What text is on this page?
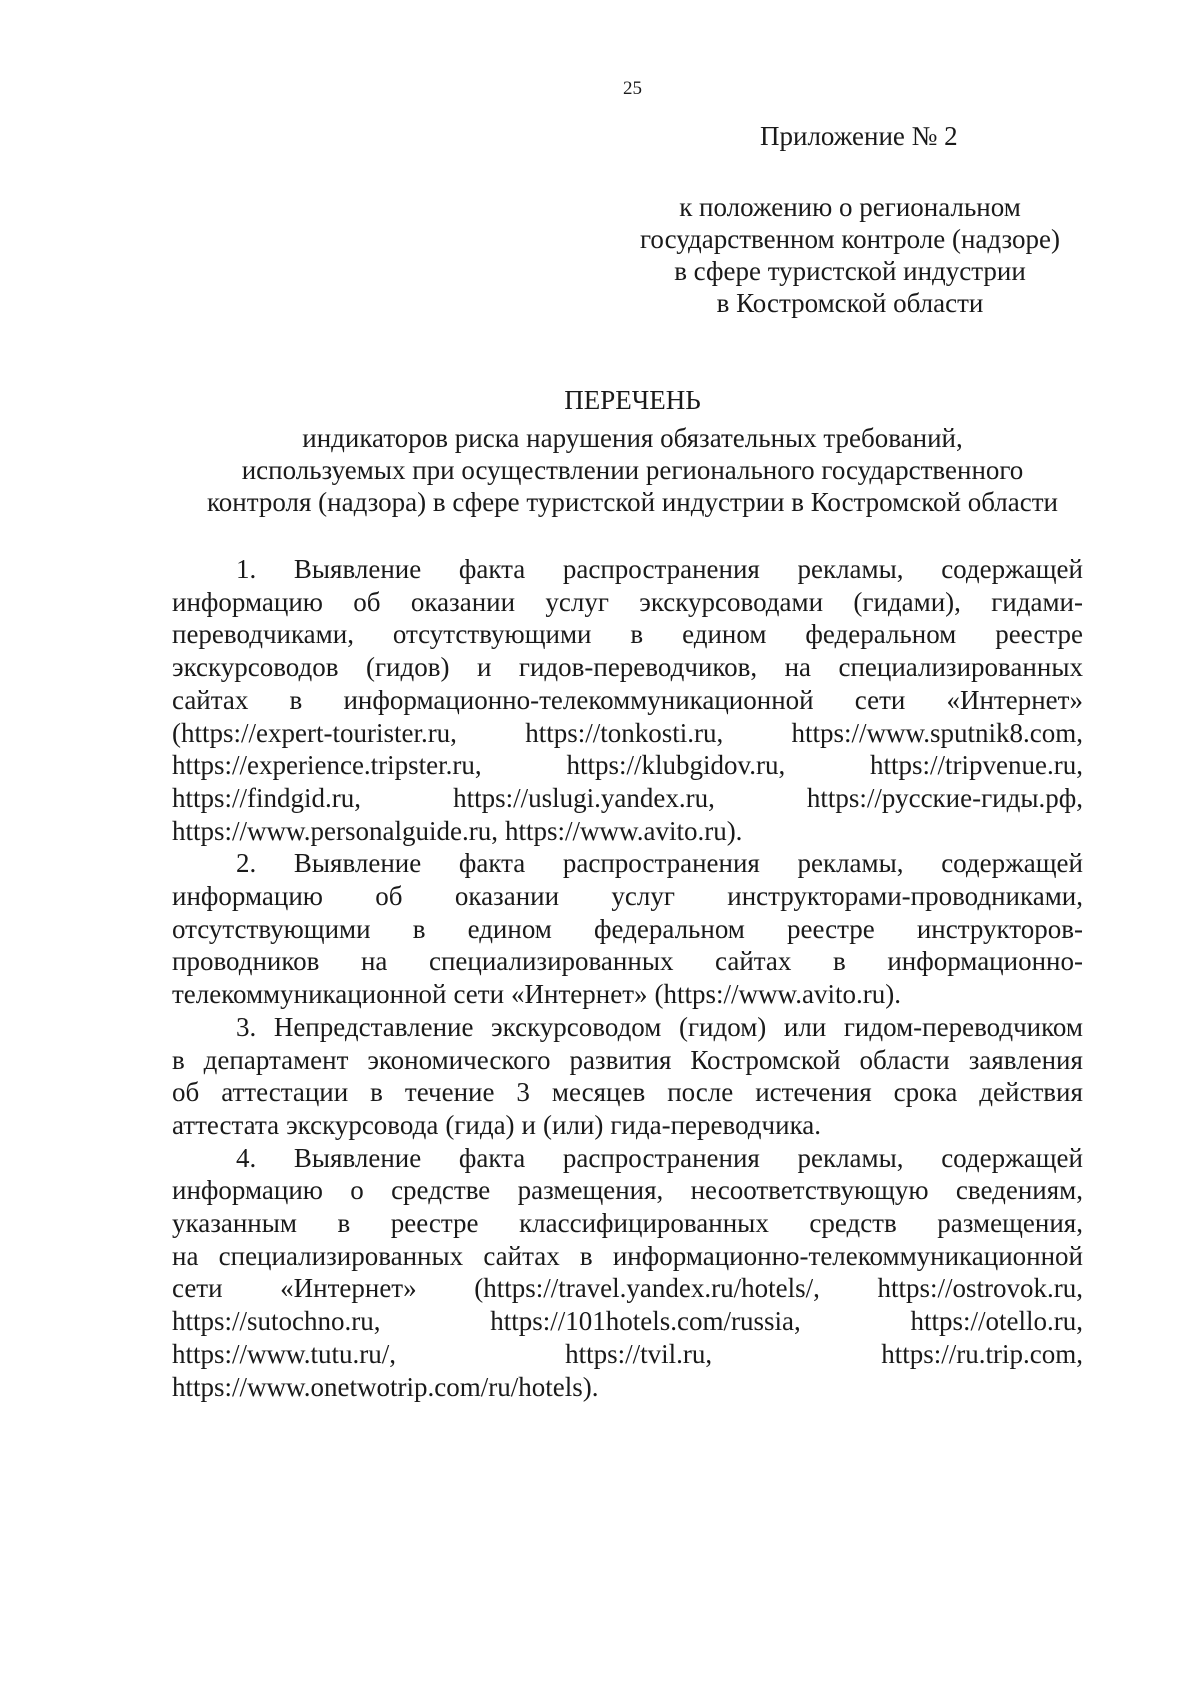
25
Приложение № 2
к положению о региональном
государственном контроле (надзоре)
в сфере туристской индустрии
в Костромской области
ПЕРЕЧЕНЬ
индикаторов риска нарушения обязательных требований,
используемых при осуществлении регионального государственного
контроля (надзора) в сфере туристской индустрии в Костромской области
1. Выявление факта распространения рекламы, содержащей
информацию об оказании услуг экскурсоводами (гидами), гидами-
переводчиками, отсутствующими в едином федеральном реестре
экскурсоводов (гидов) и гидов-переводчиков, на специализированных
сайтах в информационно-телекоммуникационной сети «Интернет»
(https://expert-tourister.ru,	https://tonkosti.ru,	https://www.sputnik8.com,
https://experience.tripster.ru,	https://klubgidov.ru,	https://tripvenue.ru,
https://findgid.ru,	https://uslugi.yandex.ru,	https://русские-гиды.рф,
https://www.personalguide.ru, https://www.avito.ru).
2. Выявление факта распространения рекламы, содержащей
информацию об оказании услуг инструкторами-проводниками,
отсутствующими в едином федеральном реестре инструкторов-
проводников на специализированных сайтах в информационно-
телекоммуникационной сети «Интернет» (https://www.avito.ru).
3. Непредставление экскурсоводом (гидом) или гидом-переводчиком
в департамент экономического развития Костромской области заявления
об аттестации в течение 3 месяцев после истечения срока действия
аттестата экскурсовода (гида) и (или) гида-переводчика.
4. Выявление факта распространения рекламы, содержащей
информацию о средстве размещения, несоответствующую сведениям,
указанным в реестре классифицированных средств размещения,
на специализированных сайтах в информационно-телекоммуникационной
сети «Интернет» (https://travel.yandex.ru/hotels/, https://ostrovok.ru,
https://sutochno.ru,	https://101hotels.com/russia,	https://otello.ru,
https://www.tutu.ru/,	https://tvil.ru,	https://ru.trip.com,
https://www.onetwotrip.com/ru/hotels).
